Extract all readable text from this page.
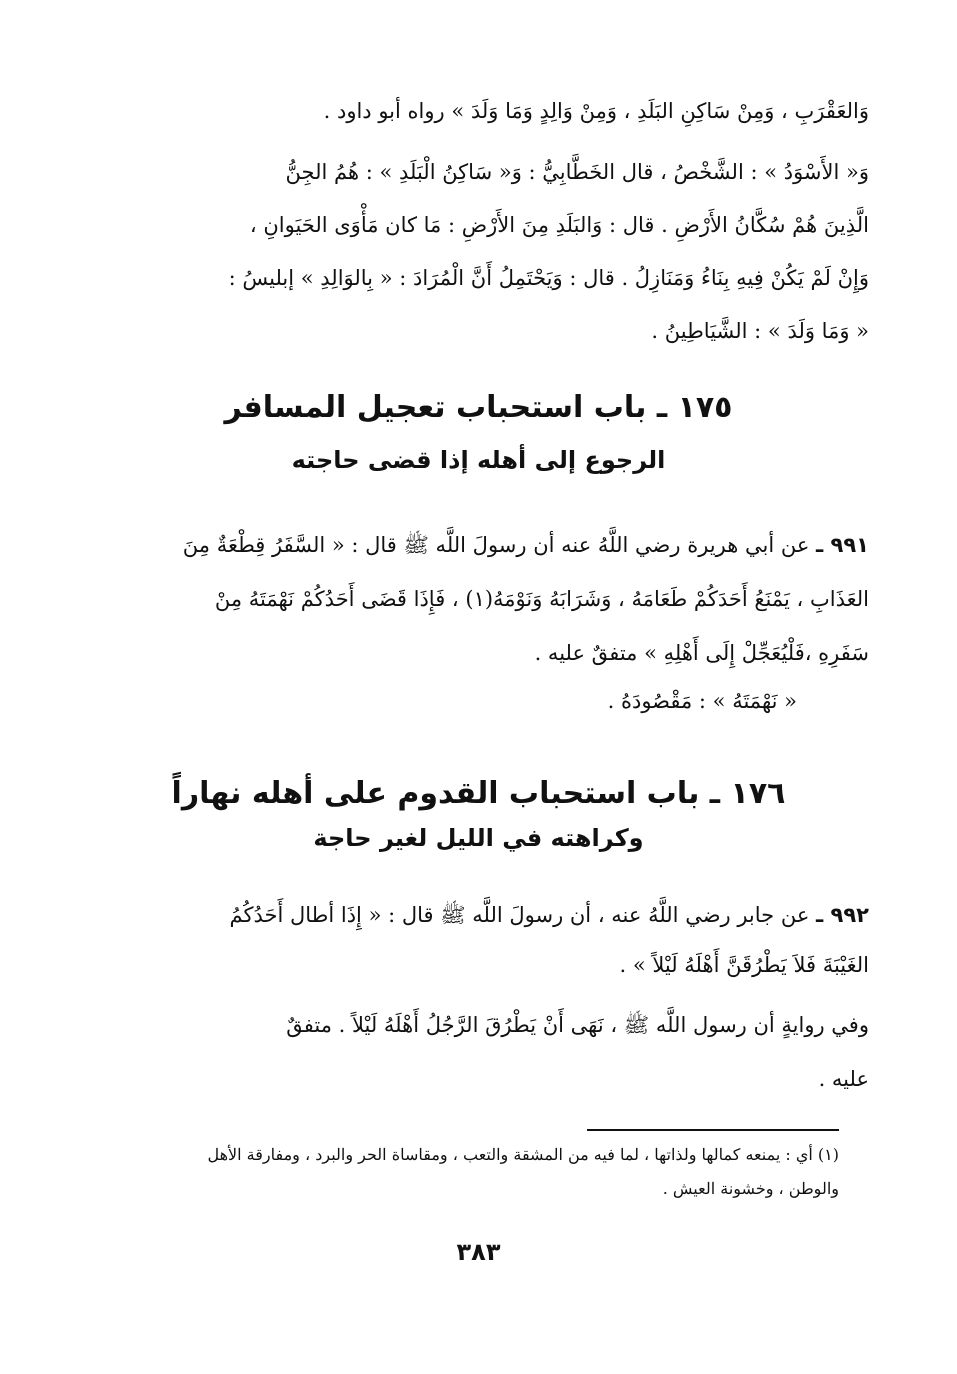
وَالعَقْرَبِ ، وَمِنْ سَاكِنِ البَلَدِ ، وَمِنْ وَالِدٍ وَمَا وَلَدَ » رواه أبو داود .
وَ« الأَسْوَدُ » : الشَّخْصُ ، قال الخَطَّابِيُّ : وَ« سَاكِنُ الْبَلَدِ » : هُمُ الجِنُّ
الَّذِينَ هُمْ سُكَّانُ الأَرْضِ . قال : وَالبَلَدِ مِنَ الأَرْضِ : مَا كان مَأْوَى الحَيَوانِ ،
وَإِنْ لَمْ يَكُنْ فِيهِ بِنَاءُ وَمَنَازِلُ . قال : وَيَحْتَمِلُ أَنَّ الْمُرَادَ : « بِالوَالِدِ » إبليسُ :
« وَمَا وَلَدَ » : الشَّيَاطِينُ .
١٧٥ ـ باب استحباب تعجيل المسافر
الرجوع إلى أهله إذا قضى حاجته
٩٩١ ـ عن أبي هريرة رضي اللَّهُ عنه أن رسولَ اللَّه ﷺ قال : « السَّفَرُ قِطْعَةٌ مِنَ
العَذَابِ ، يَمْنَعُ أَحَدَكُمْ طَعَامَهُ ، وَشَرَابَهُ وَنَوْمَهُ(١) ، فَإِذَا قَضَى أَحَدُكُمْ نَهْمَتَهُ مِنْ
سَفَرِهِ ،فَلْيُعَجِّلْ إِلَى أَهْلِهِ » متفقٌ عليه .
« نَهْمَتَهُ » : مَقْصُودَهُ .
١٧٦ ـ باب استحباب القدوم على أهله نهاراً
وكراهته في الليل لغير حاجة
٩٩٢ ـ عن جابر رضي اللَّهُ عنه ، أن رسولَ اللَّه ﷺ قال : « إِذَا أطال أَحَدُكُمُ
الغَيْبَةَ فَلاَ يَطْرُقَنَّ أَهْلَهُ لَيْلاً » .
وفي روايةٍ أن رسول اللَّه ﷺ ، نَهَى أَنْ يَطْرُقَ الرَّجُلُ أَهْلَهُ لَيْلاً . متفقٌ
عليه .
(١) أي : يمنعه كمالها ولذاتها ، لما فيه من المشقة والتعب ، ومقاساة الحر والبرد ، ومفارقة الأهل
والوطن ، وخشونة العيش .
٣٨٣
